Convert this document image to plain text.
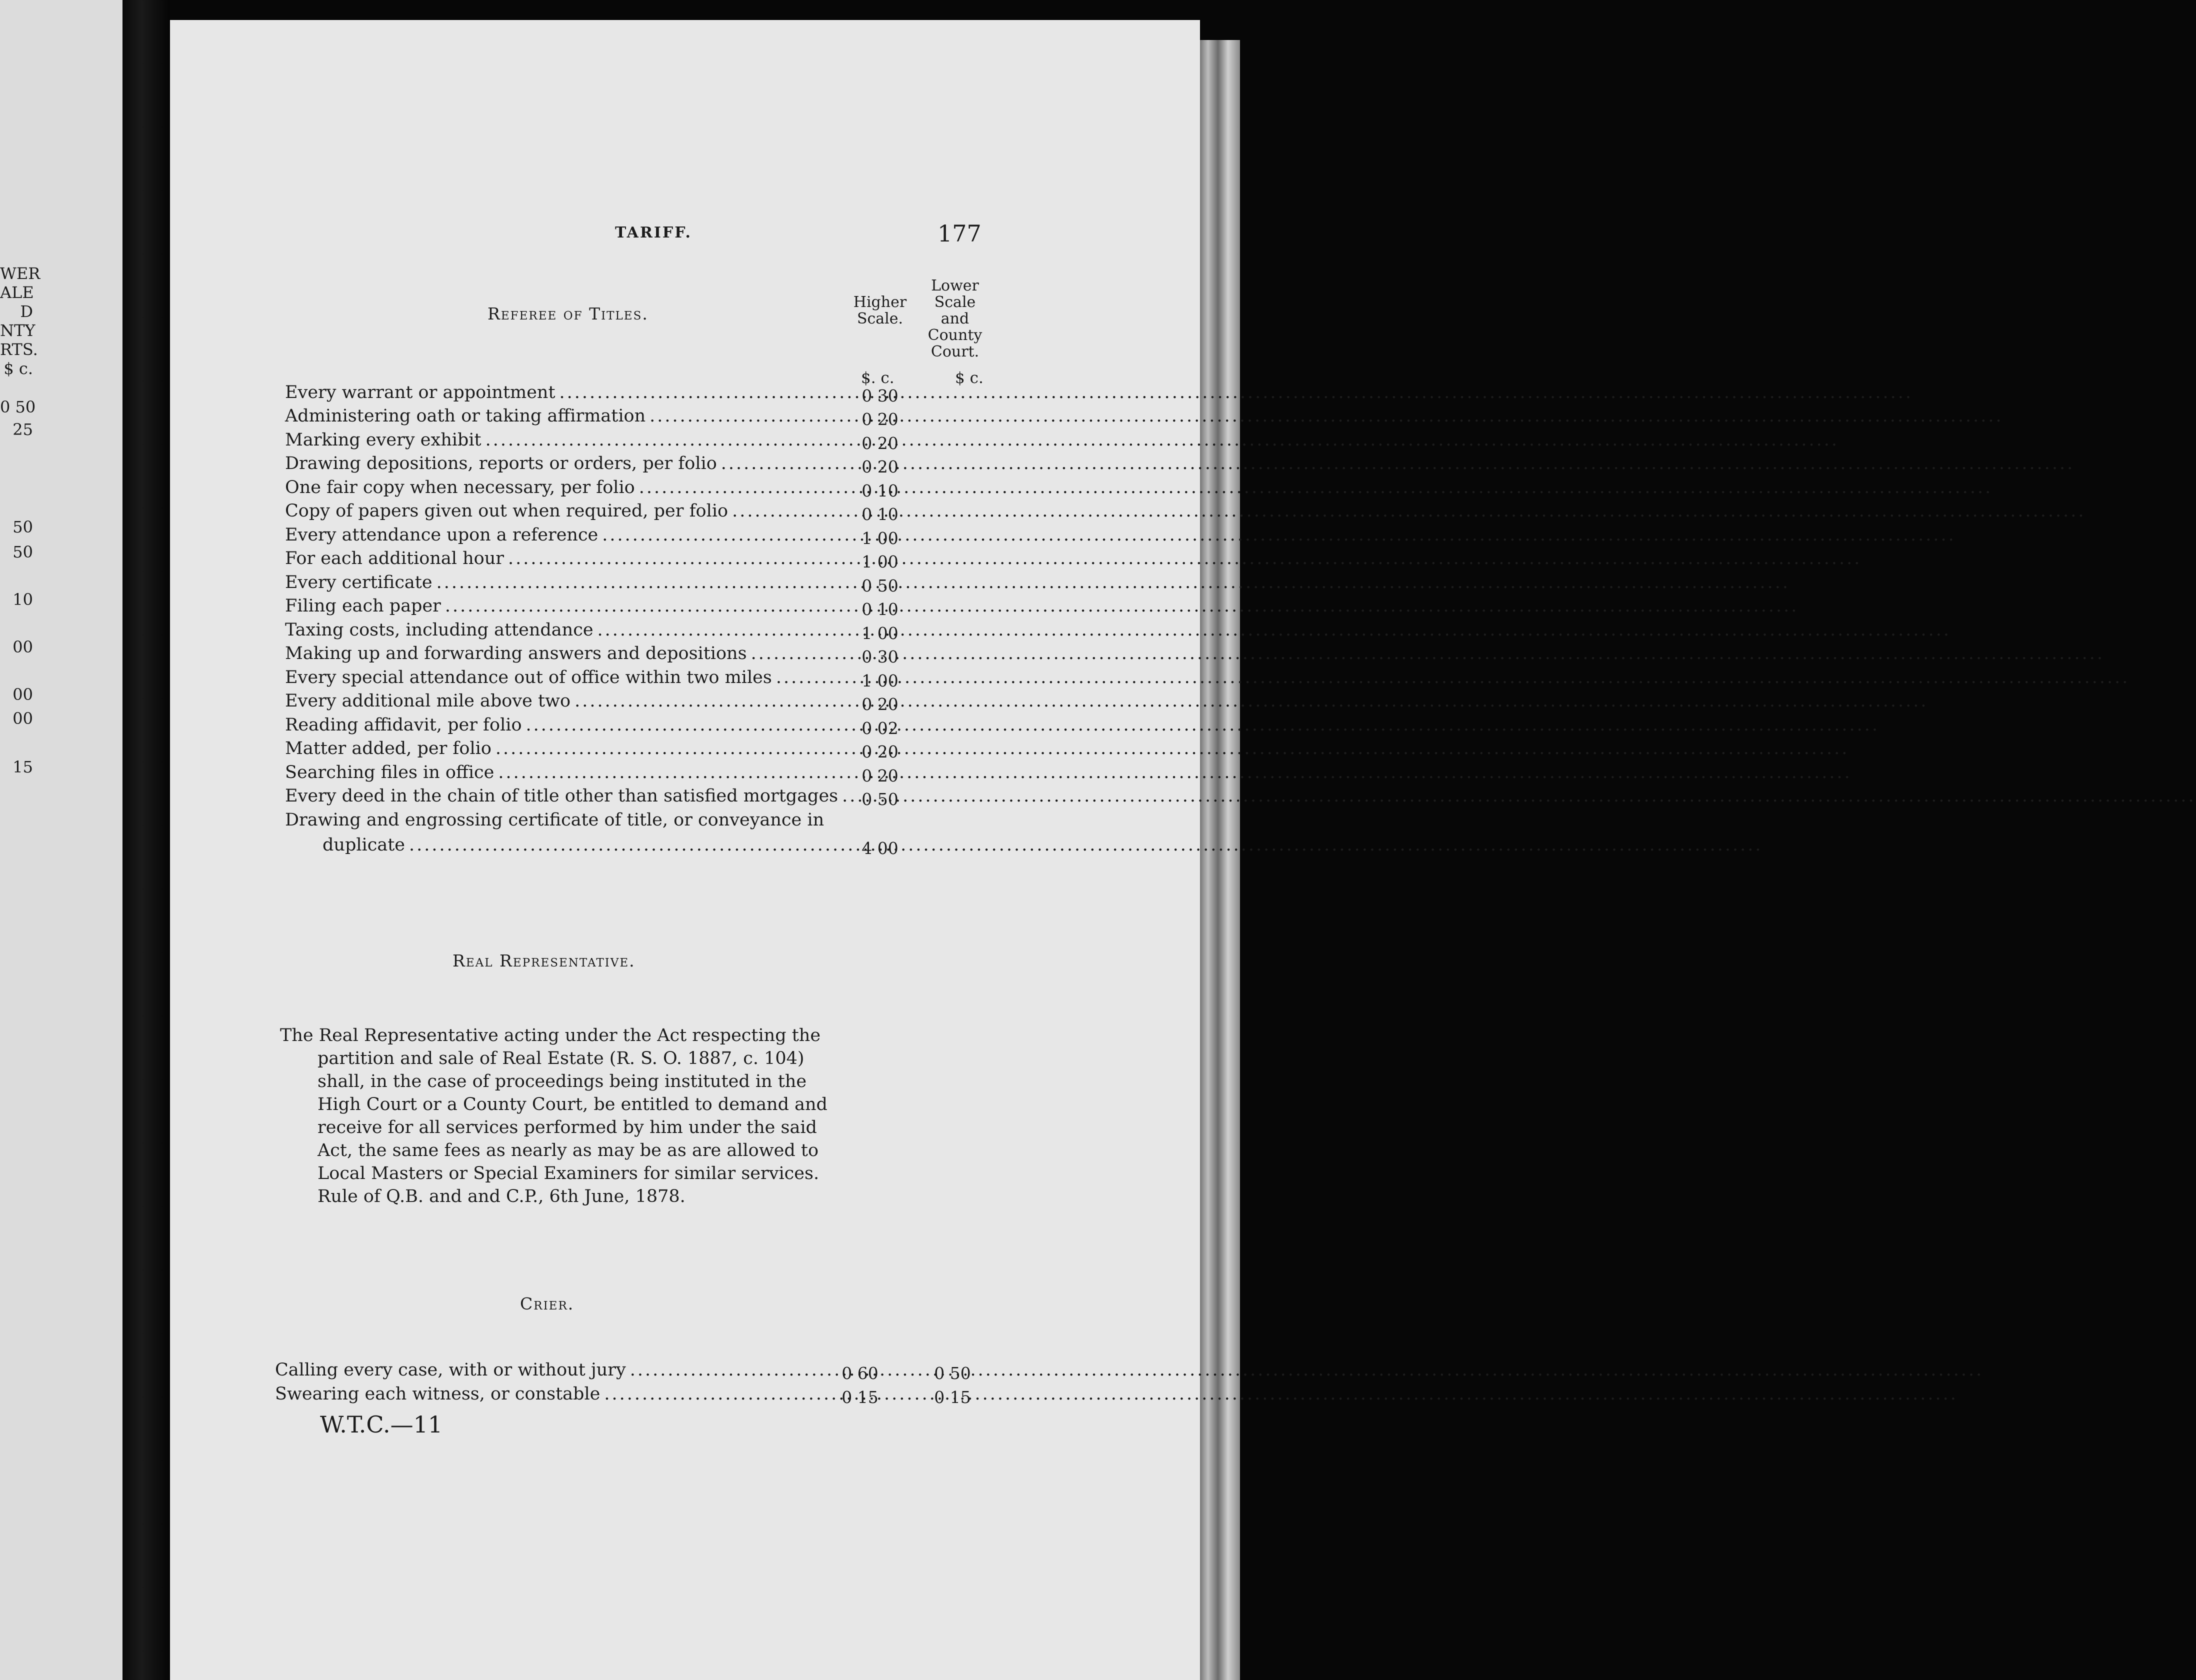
WER
ALE
D
NTY
RTS.
$ c.
0 50
25
50
50
10
00
00
00
15
TARIFF.	177
Higher
Scale.
Lower
Scale
and
County
Court.
$. c.	$ c.
Referee of Titles.
Every warrant or appointment
.....
Administering oath or taking affirmation
.....
Marking every exhibit
.....
Drawing depositions, reports or orders, per folio
.....
One fair copy when necessary, per folio
.....
Copy of papers given out when required, per folio
.....
Every attendance upon a reference
.....
For each additional hour
.....
Every certificate
.....
Filing each paper
.....
Taxing costs, including attendance
.....
Making up and forwarding answers and depositions
.....
Every special attendance out of office within two miles
.....
Every additional mile above two
.....
Reading affidavit, per folio
.....
Matter added, per folio
.....
Searching files in office
.....
Every deed in the chain of title other than satisfied mortgages
.....
0 30
0 20
0 20
0 20
0 10
0 10
1 00
1 00
0 50
0 10
1 00
0 30
1 00
0 20
0 02
0 20
0 20
0 50
Drawing and engrossing certificate of title, or conveyance in
duplicate
.....	4 00
Real Representative.
The Real Representative acting under the Act respecting the
partition and sale of Real Estate (R. S. O. 1887, c. 104)
shall, in the case of proceedings being instituted in the
High Court or a County Court, be entitled to demand and
receive for all services performed by him under the said
Act, the same fees as nearly as may be as are allowed to
Local Masters or Special Examiners for similar services.
Rule of Q.B. and and C.P., 6th June, 1878.
Crier.
Calling every case, with or without jury
.....
Swearing each witness, or constable
.....
0 60
0 15
0 50
0 15
W.T.C.—11
